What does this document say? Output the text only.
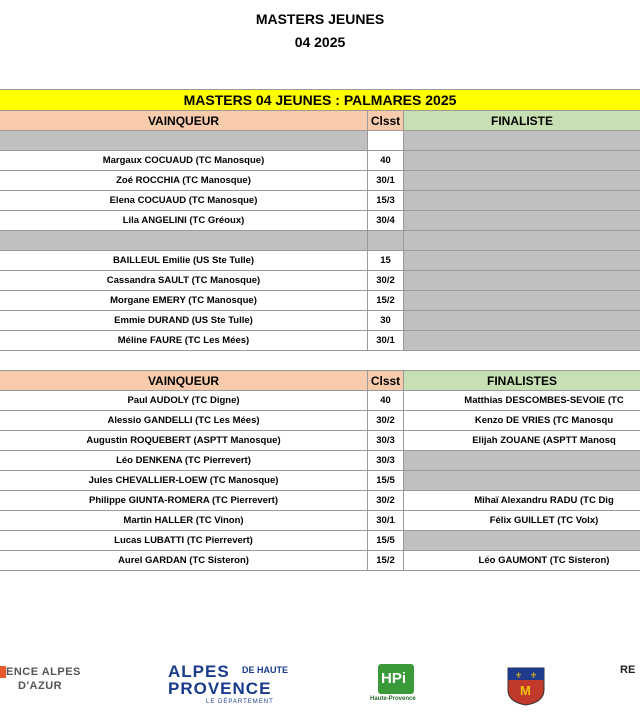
MASTERS JEUNES
04 2025
MASTERS 04 JEUNES : PALMARES 2025
VAINQUEUR	Clsst	FINALISTE
Margaux COCUAUD (TC Manosque)	40
Zoé ROCCHIA (TC Manosque)	30/1
Elena COCUAUD (TC Manosque)	15/3
Lila ANGELINI (TC Gréoux)	30/4
BAILLEUL Emilie (US Ste Tulle)	15
Cassandra SAULT (TC Manosque)	30/2
Morgane EMERY (TC Manosque)	15/2
Emmie DURAND (US Ste Tulle)	30
Méline FAURE (TC Les Mées)	30/1
VAINQUEUR	Clsst	FINALISTES
Paul AUDOLY (TC Digne)	40	Matthias DESCOMBES-SEVOIE (TC
Alessio GANDELLI (TC Les Mées)	30/2	Kenzo DE VRIES (TC Manosqu
Augustin ROQUEBERT (ASPTT Manosque)	30/3	Elijah ZOUANE (ASPTT Manosq
Léo DENKENA (TC Pierrevert)	30/3
Jules CHEVALLIER-LOEW (TC Manosque)	15/5
Philippe GIUNTA-ROMERA (TC Pierrevert)	30/2	Mihaï Alexandru RADU (TC Dig
Martin HALLER (TC Vinon)	30/1	Félix GUILLET (TC Volx)
Lucas LUBATTI (TC Pierrevert)	15/5
Aurel GARDAN (TC Sisteron)	15/2	Léo GAUMONT (TC Sisteron)
ENCE ALPES
D'AZUR
ALPES DE HAUTE
PROVENCE
LE DÉPARTEMENT
HPi
Haute-Provence
⚜ ⚜
M
RE
